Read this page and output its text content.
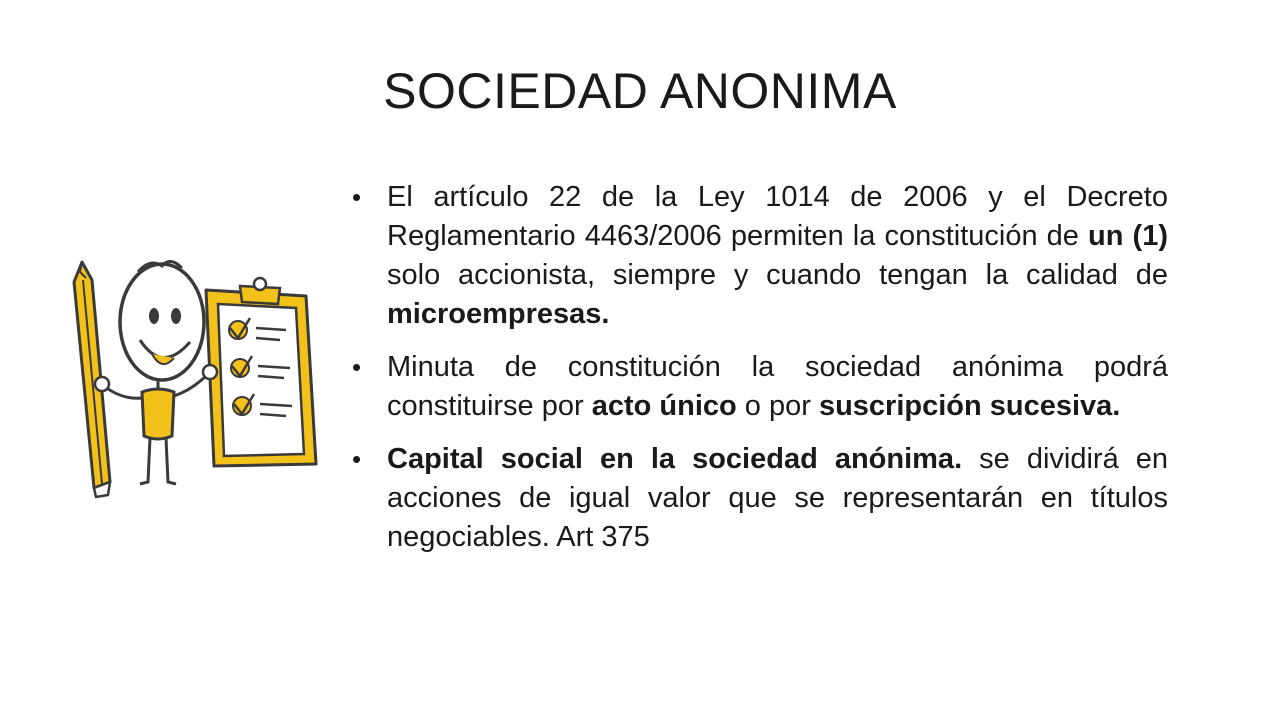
SOCIEDAD ANONIMA
• El artículo 22 de la Ley 1014 de 2006 y el Decreto Reglamentario 4463/2006 permiten la constitución de un (1) solo accionista, siempre y cuando tengan la calidad de microempresas.
• Minuta de constitución la sociedad anónima podrá constituirse por acto único o por suscripción sucesiva.
• Capital social en la sociedad anónima. se dividirá en acciones de igual valor que se representarán en títulos negociables. Art 375
